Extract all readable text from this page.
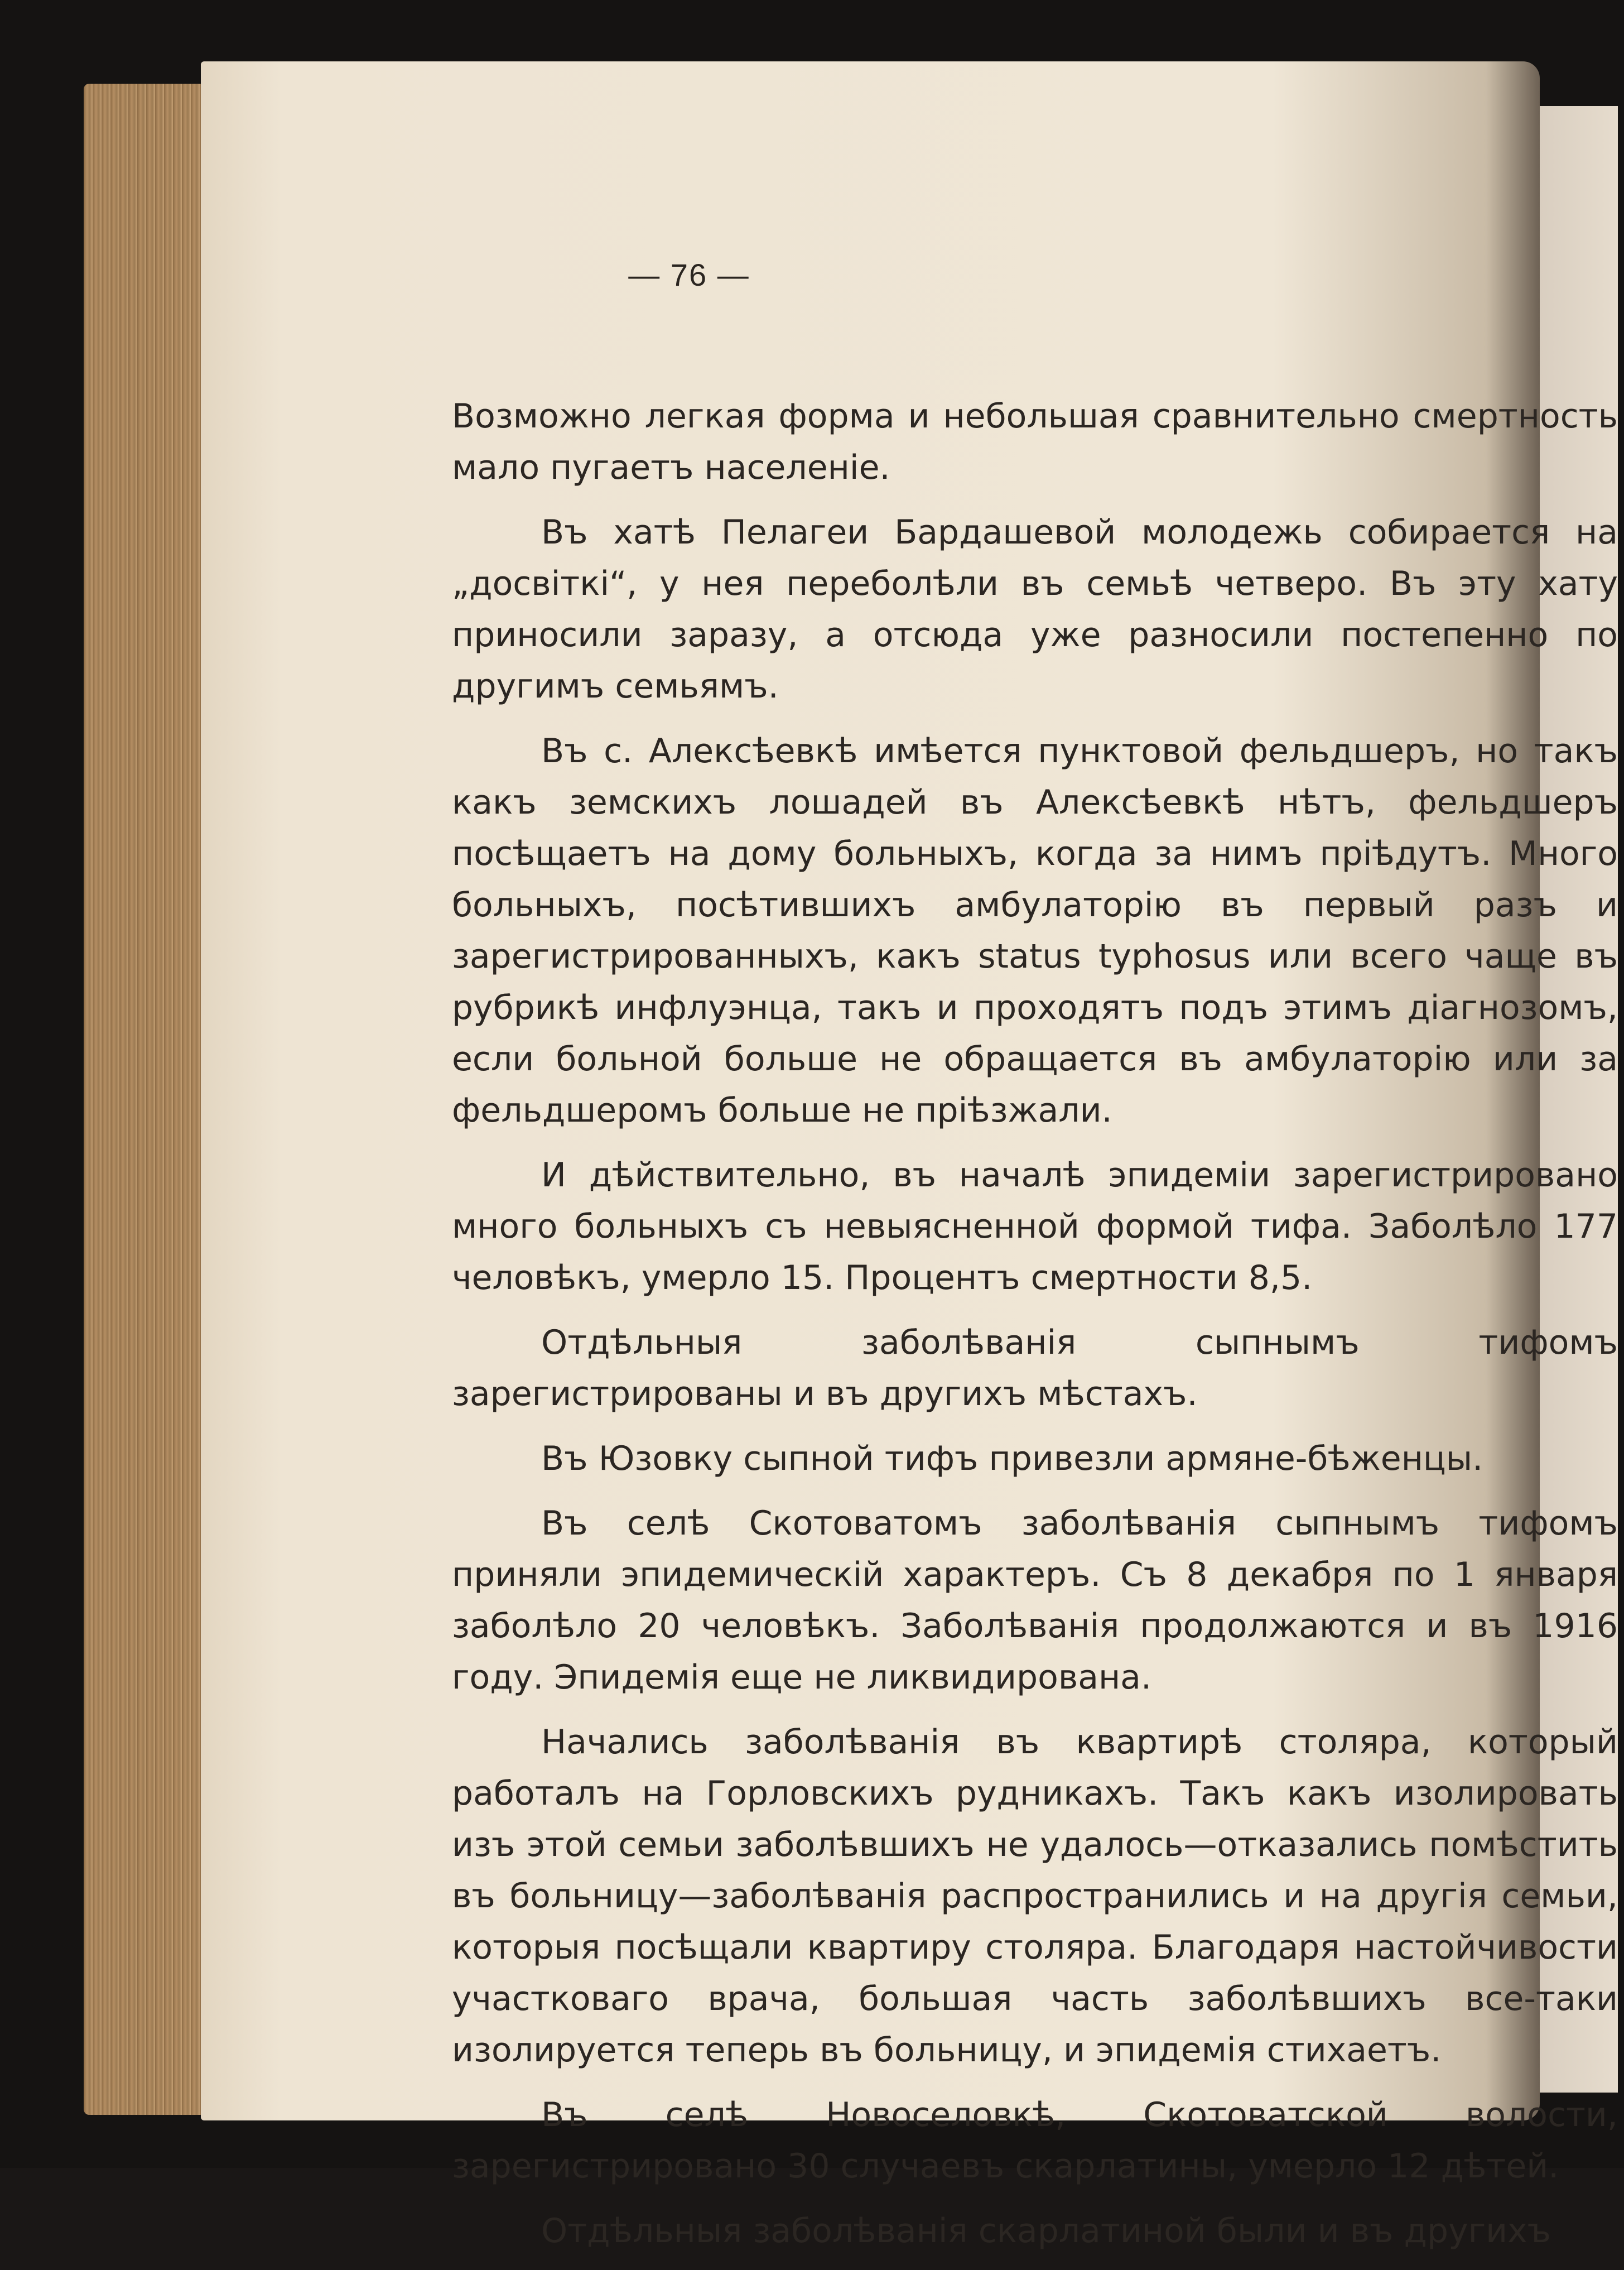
— 76 —

Возможно легкая форма и небольшая сравнительно смертность мало пугаетъ населеніе.

Въ хатѣ Пелагеи Бардашевой молодежь собирается на „досвіткі“, у нея переболѣли въ семьѣ четверо. Въ эту хату приносили заразу, а отсюда уже разносили постепенно по другимъ семьямъ.

Въ с. Алексѣевкѣ имѣется пунктовой фельдшеръ, но такъ какъ земскихъ лошадей въ Алексѣевкѣ нѣтъ, фельдшеръ посѣщаетъ на дому больныхъ, когда за нимъ пріѣдутъ. Много больныхъ, посѣтившихъ амбулаторію въ первый разъ и зарегистрированныхъ, какъ status typhosus или всего чаще въ рубрикѣ инфлуэнца, такъ и проходятъ подъ этимъ діагнозомъ, если больной больше не обращается въ амбулаторію или за фельдшеромъ больше не пріѣзжали.

И дѣйствительно, въ началѣ эпидеміи зарегистрировано много больныхъ съ невыясненной формой тифа. Заболѣло 177 человѣкъ, умерло 15. Процентъ смертности 8,5.

Отдѣльныя заболѣванія сыпнымъ тифомъ зарегистрированы и въ другихъ мѣстахъ.

Въ Юзовку сыпной тифъ привезли армяне-бѣженцы.

Въ селѣ Скотоватомъ заболѣванія сыпнымъ тифомъ приняли эпидемическій характеръ. Съ 8 декабря по 1 января заболѣло 20 человѣкъ. Заболѣванія продолжаются и въ 1916 году. Эпидемія еще не ликвидирована.

Начались заболѣванія въ квартирѣ столяра, который работалъ на Горловскихъ рудникахъ. Такъ какъ изолировать изъ этой семьи заболѣвшихъ не удалось—отказались помѣстить въ больницу—заболѣванія распространились и на другія семьи, которыя посѣщали квартиру столяра. Благодаря настойчивости участковаго врача, большая часть заболѣвшихъ все-таки изолируется теперь въ больницу, и эпидемія стихаетъ.

Въ селѣ Новоселовкѣ, Скотоватской волости, зарегистрировано 30 случаевъ скарлатины, умерло 12 дѣтей.

Отдѣльныя заболѣванія скарлатиной были и въ другихъ
